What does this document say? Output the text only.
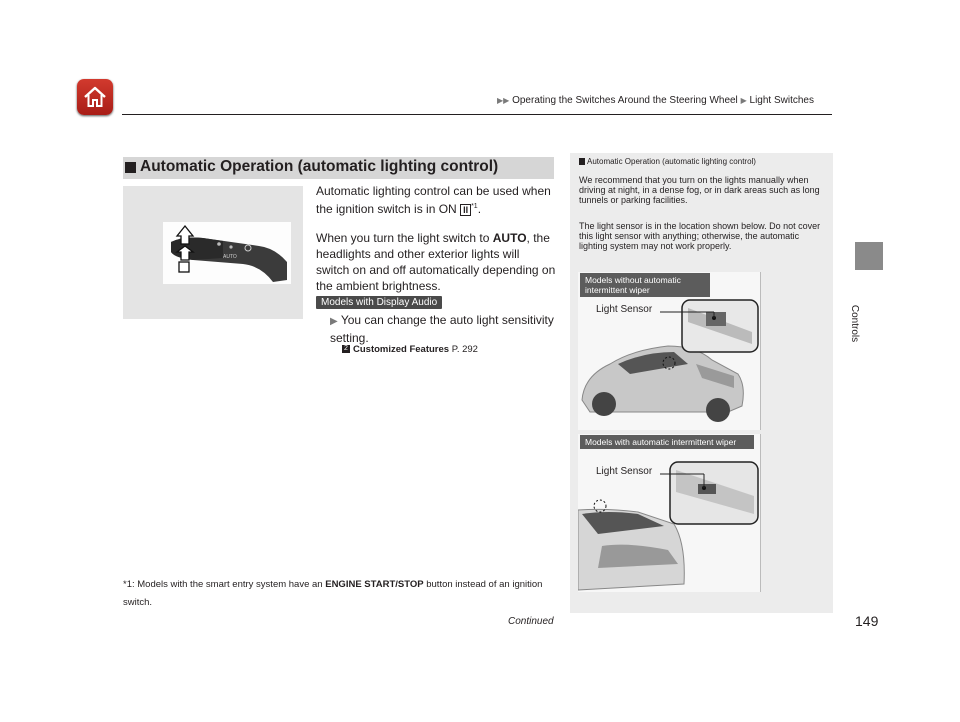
▶▶ Operating the Switches Around the Steering Wheel ▶ Light Switches
Controls
Automatic Operation (automatic lighting control)
AUTO
Automatic lighting control can be used when the ignition switch is in ON II $^{*1}$.
When you turn the light switch to AUTO, the headlights and other exterior lights will switch on and off automatically depending on the ambient brightness.
Models with Display Audio
▶ You can change the auto light sensitivity setting.
2 Customized Features P. 292
*1: Models with the smart entry system have an ENGINE START/STOP button instead of an ignition switch.
Continued	149
Automatic Operation (automatic lighting control)
We recommend that you turn on the lights manually when driving at night, in a dense fog, or in dark areas such as long tunnels or parking facilities.
The light sensor is in the location shown below. Do not cover this light sensor with anything; otherwise, the automatic lighting system may not work properly.
Models without automatic intermittent wiper
Light Sensor
Models with automatic intermittent wiper
Light Sensor
